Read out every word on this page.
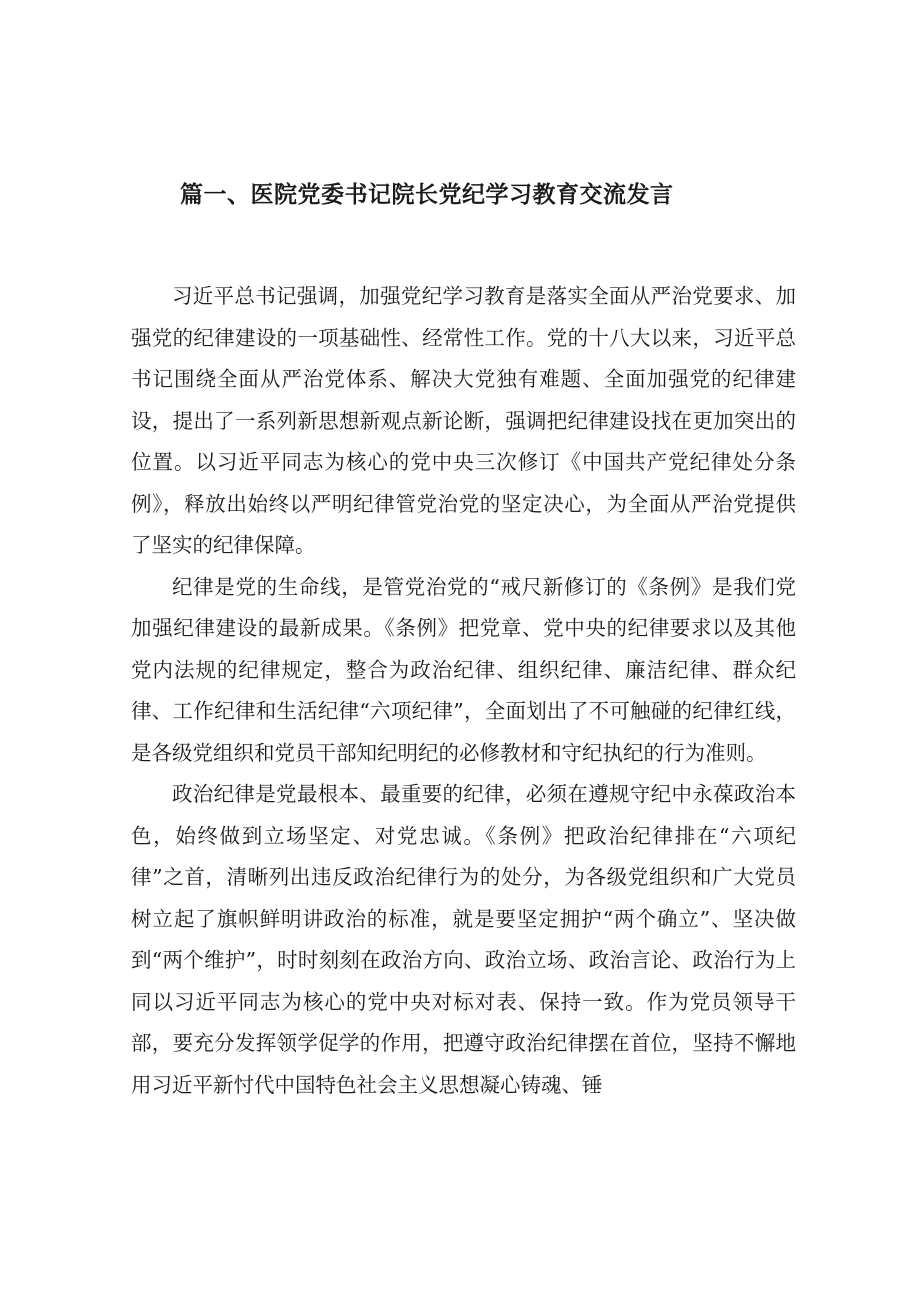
篇一、医院党委书记院长党纪学习教育交流发言

习近平总书记强调，加强党纪学习教育是落实全面从严治党要求、加强党的纪律建设的一项基础性、经常性工作。党的十八大以来，习近平总书记围绕全面从严治党体系、解决大党独有难题、全面加强党的纪律建设，提出了一系列新思想新观点新论断，强调把纪律建设找在更加突出的位置。以习近平同志为核心的党中央三次修订《中国共产党纪律处分条例》，释放出始终以严明纪律管党治党的坚定决心，为全面从严治党提供了坚实的纪律保障。

纪律是党的生命线，是管党治党的“戒尺新修订的《条例》是我们党加强纪律建设的最新成果。《条例》把党章、党中央的纪律要求以及其他党内法规的纪律规定，整合为政治纪律、组织纪律、廉洁纪律、群众纪律、工作纪律和生活纪律“六项纪律”，全面划出了不可触碰的纪律红线，是各级党组织和党员干部知纪明纪的必修教材和守纪执纪的行为准则。

政治纪律是党最根本、最重要的纪律，必须在遵规守纪中永葆政治本色，始终做到立场坚定、对党忠诚。《条例》把政治纪律排在“六项纪律”之首，清晰列出违反政治纪律行为的处分，为各级党组织和广大党员树立起了旗帜鲜明讲政治的标准，就是要坚定拥护“两个确立”、坚决做到“两个维护”，时时刻刻在政治方向、政治立场、政治言论、政治行为上同以习近平同志为核心的党中央对标对表、保持一致。作为党员领导干部，要充分发挥领学促学的作用，把遵守政治纪律摆在首位，坚持不懈地用习近平新忖代中国特色社会主义思想凝心铸魂、锤
